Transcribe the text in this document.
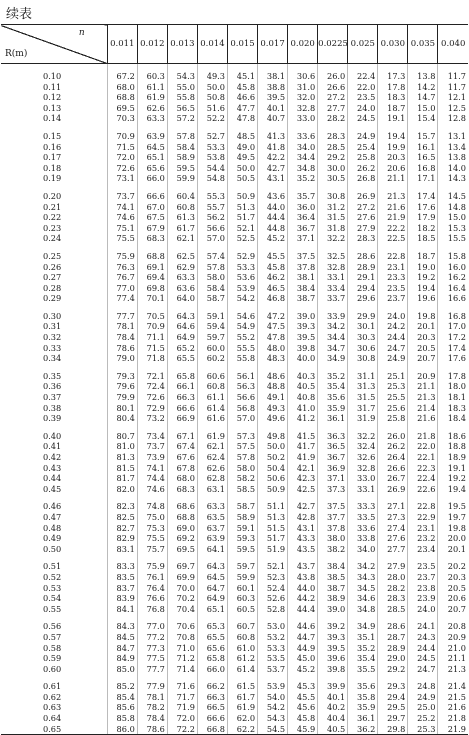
续表
n
R(m)	0.011	0.012	0.013	0.014	0.015	0.017	0.020	0.0225	0.025	0.030	0.035	0.040

0.10	67.2	60.3	54.3	49.3	45.1	38.1	30.6	26.0	22.4	17.3	13.8	11.7
0.11	68.0	61.1	55.0	50.0	45.8	38.8	31.0	26.6	22.0	17.8	14.2	11.7
0.12	68.8	61.9	55.8	50.8	46.6	39.5	32.0	27.2	23.5	18.3	14.7	12.1
0.13	69.5	62.6	56.5	51.6	47.7	40.1	32.8	27.7	24.0	18.7	15.0	12.5
0.14	70.3	63.3	57.2	52.2	47.8	40.7	33.0	28.2	24.5	19.1	15.4	12.8

0.15	70.9	63.9	57.8	52.7	48.5	41.3	33.6	28.3	24.9	19.4	15.7	13.1
0.16	71.5	64.5	58.4	53.3	49.0	41.8	34.0	28.5	25.4	19.9	16.1	13.4
0.17	72.0	65.1	58.9	53.8	49.5	42.2	34.4	29.2	25.8	20.3	16.5	13.8
0.18	72.6	65.6	59.5	54.4	50.0	42.7	34.8	30.0	26.2	20.6	16.8	14.0
0.19	73.1	66.0	59.9	54.8	50.5	43.1	35.2	30.5	26.8	21.1	17.1	14.3

0.20	73.7	66.6	60.4	55.3	50.9	43.6	35.7	30.8	26.9	21.3	17.4	14.5
0.21	74.1	67.0	60.8	55.7	51.3	44.0	36.0	31.2	27.2	21.6	17.6	14.8
0.22	74.6	67.5	61.3	56.2	51.7	44.4	36.4	31.5	27.6	21.9	17.9	15.0
0.23	75.1	67.9	61.7	56.6	52.1	44.8	36.7	31.8	27.9	22.2	18.2	15.3
0.24	75.5	68.3	62.1	57.0	52.5	45.2	37.1	32.2	28.3	22.5	18.5	15.5

0.25	75.9	68.8	62.5	57.4	52.9	45.5	37.5	32.5	28.6	22.8	18.7	15.8
0.26	76.3	69.1	62.9	57.8	53.3	45.8	37.8	32.8	28.9	23.1	19.0	16.0
0.27	76.7	69.4	63.3	58.0	53.6	46.2	38.1	33.1	29.1	23.3	19.2	16.2
0.28	77.0	69.8	63.6	58.4	53.9	46.5	38.4	33.4	29.4	23.5	19.4	16.4
0.29	77.4	70.1	64.0	58.7	54.2	46.8	38.7	33.7	29.6	23.7	19.6	16.6

0.30	77.7	70.5	64.3	59.1	54.6	47.2	39.0	33.9	29.9	24.0	19.8	16.8
0.31	78.1	70.9	64.6	59.4	54.9	47.5	39.3	34.2	30.1	24.2	20.1	17.0
0.32	78.4	71.1	64.9	59.7	55.2	47.8	39.5	34.4	30.3	24.4	20.3	17.2
0.33	78.6	71.5	65.2	60.0	55.5	48.0	39.8	34.7	30.6	24.7	20.5	17.4
0.34	79.0	71.8	65.5	60.2	55.8	48.3	40.0	34.9	30.8	24.9	20.7	17.6

0.35	79.3	72.1	65.8	60.6	56.1	48.6	40.3	35.2	31.1	25.1	20.9	17.8
0.36	79.6	72.4	66.1	60.8	56.3	48.8	40.5	35.4	31.3	25.3	21.1	18.0
0.37	79.9	72.6	66.3	61.1	56.6	49.1	40.8	35.6	31.5	25.5	21.3	18.1
0.38	80.1	72.9	66.6	61.4	56.8	49.3	41.0	35.9	31.7	25.6	21.4	18.3
0.39	80.4	73.2	66.9	61.6	57.0	49.6	41.2	36.1	31.9	25.8	21.6	18.4

0.40	80.7	73.4	67.1	61.9	57.3	49.8	41.5	36.3	32.2	26.0	21.8	18.6
0.41	81.0	73.7	67.4	62.1	57.5	50.0	41.7	36.5	32.4	26.2	22.0	18.8
0.42	81.3	73.9	67.6	62.4	57.8	50.2	41.9	36.7	32.6	26.4	22.1	18.9
0.43	81.5	74.1	67.8	62.6	58.0	50.4	42.1	36.9	32.8	26.6	22.3	19.1
0.44	81.7	74.4	68.0	62.8	58.2	50.6	42.3	37.1	33.0	26.7	22.4	19.2
0.45	82.0	74.6	68.3	63.1	58.5	50.9	42.5	37.3	33.1	26.9	22.6	19.4

0.46	82.3	74.8	68.6	63.3	58.7	51.1	42.7	37.5	33.3	27.1	22.8	19.5
0.47	82.5	75.0	68.8	63.5	58.9	51.3	42.8	37.7	33.5	27.3	22.9	19.7
0.48	82.7	75.3	69.0	63.7	59.1	51.5	43.1	37.8	33.6	27.4	23.1	19.8
0.49	82.9	75.5	69.2	63.9	59.3	51.7	43.3	38.0	33.8	27.6	23.2	20.0
0.50	83.1	75.7	69.5	64.1	59.5	51.9	43.5	38.2	34.0	27.7	23.4	20.1

0.51	83.3	75.9	69.7	64.3	59.7	52.1	43.7	38.4	34.2	27.9	23.5	20.2
0.52	83.5	76.1	69.9	64.5	59.9	52.3	43.8	38.5	34.3	28.0	23.7	20.3
0.53	83.7	76.4	70.0	64.7	60.1	52.4	44.0	38.7	34.5	28.2	23.8	20.5
0.54	83.9	76.6	70.2	64.9	60.3	52.6	44.2	38.9	34.6	28.3	23.9	20.6
0.55	84.1	76.8	70.4	65.1	60.5	52.8	44.4	39.0	34.8	28.5	24.0	20.7

0.56	84.3	77.0	70.6	65.3	60.7	53.0	44.6	39.2	34.9	28.6	24.1	20.8
0.57	84.5	77.2	70.8	65.5	60.8	53.2	44.7	39.3	35.1	28.7	24.3	20.9
0.58	84.7	77.3	71.0	65.6	61.0	53.3	44.9	39.5	35.2	28.9	24.4	21.0
0.59	84.9	77.5	71.2	65.8	61.2	53.5	45.0	39.6	35.4	29.0	24.5	21.1
0.60	85.0	77.7	71.4	66.0	61.4	53.7	45.2	39.8	35.5	29.2	24.7	21.3

0.61	85.2	77.9	71.6	66.2	61.5	53.9	45.3	39.9	35.6	29.3	24.8	21.4
0.62	85.4	78.1	71.7	66.3	61.7	54.0	45.5	40.1	35.8	29.4	24.9	21.5
0.63	85.6	78.2	71.9	66.5	61.9	54.2	45.6	40.2	35.9	29.5	25.0	21.6
0.64	85.8	78.4	72.0	66.6	62.0	54.3	45.8	40.4	36.1	29.7	25.2	21.8
0.65	86.0	78.6	72.2	66.8	62.2	54.5	45.9	40.5	36.2	29.8	25.3	21.9
